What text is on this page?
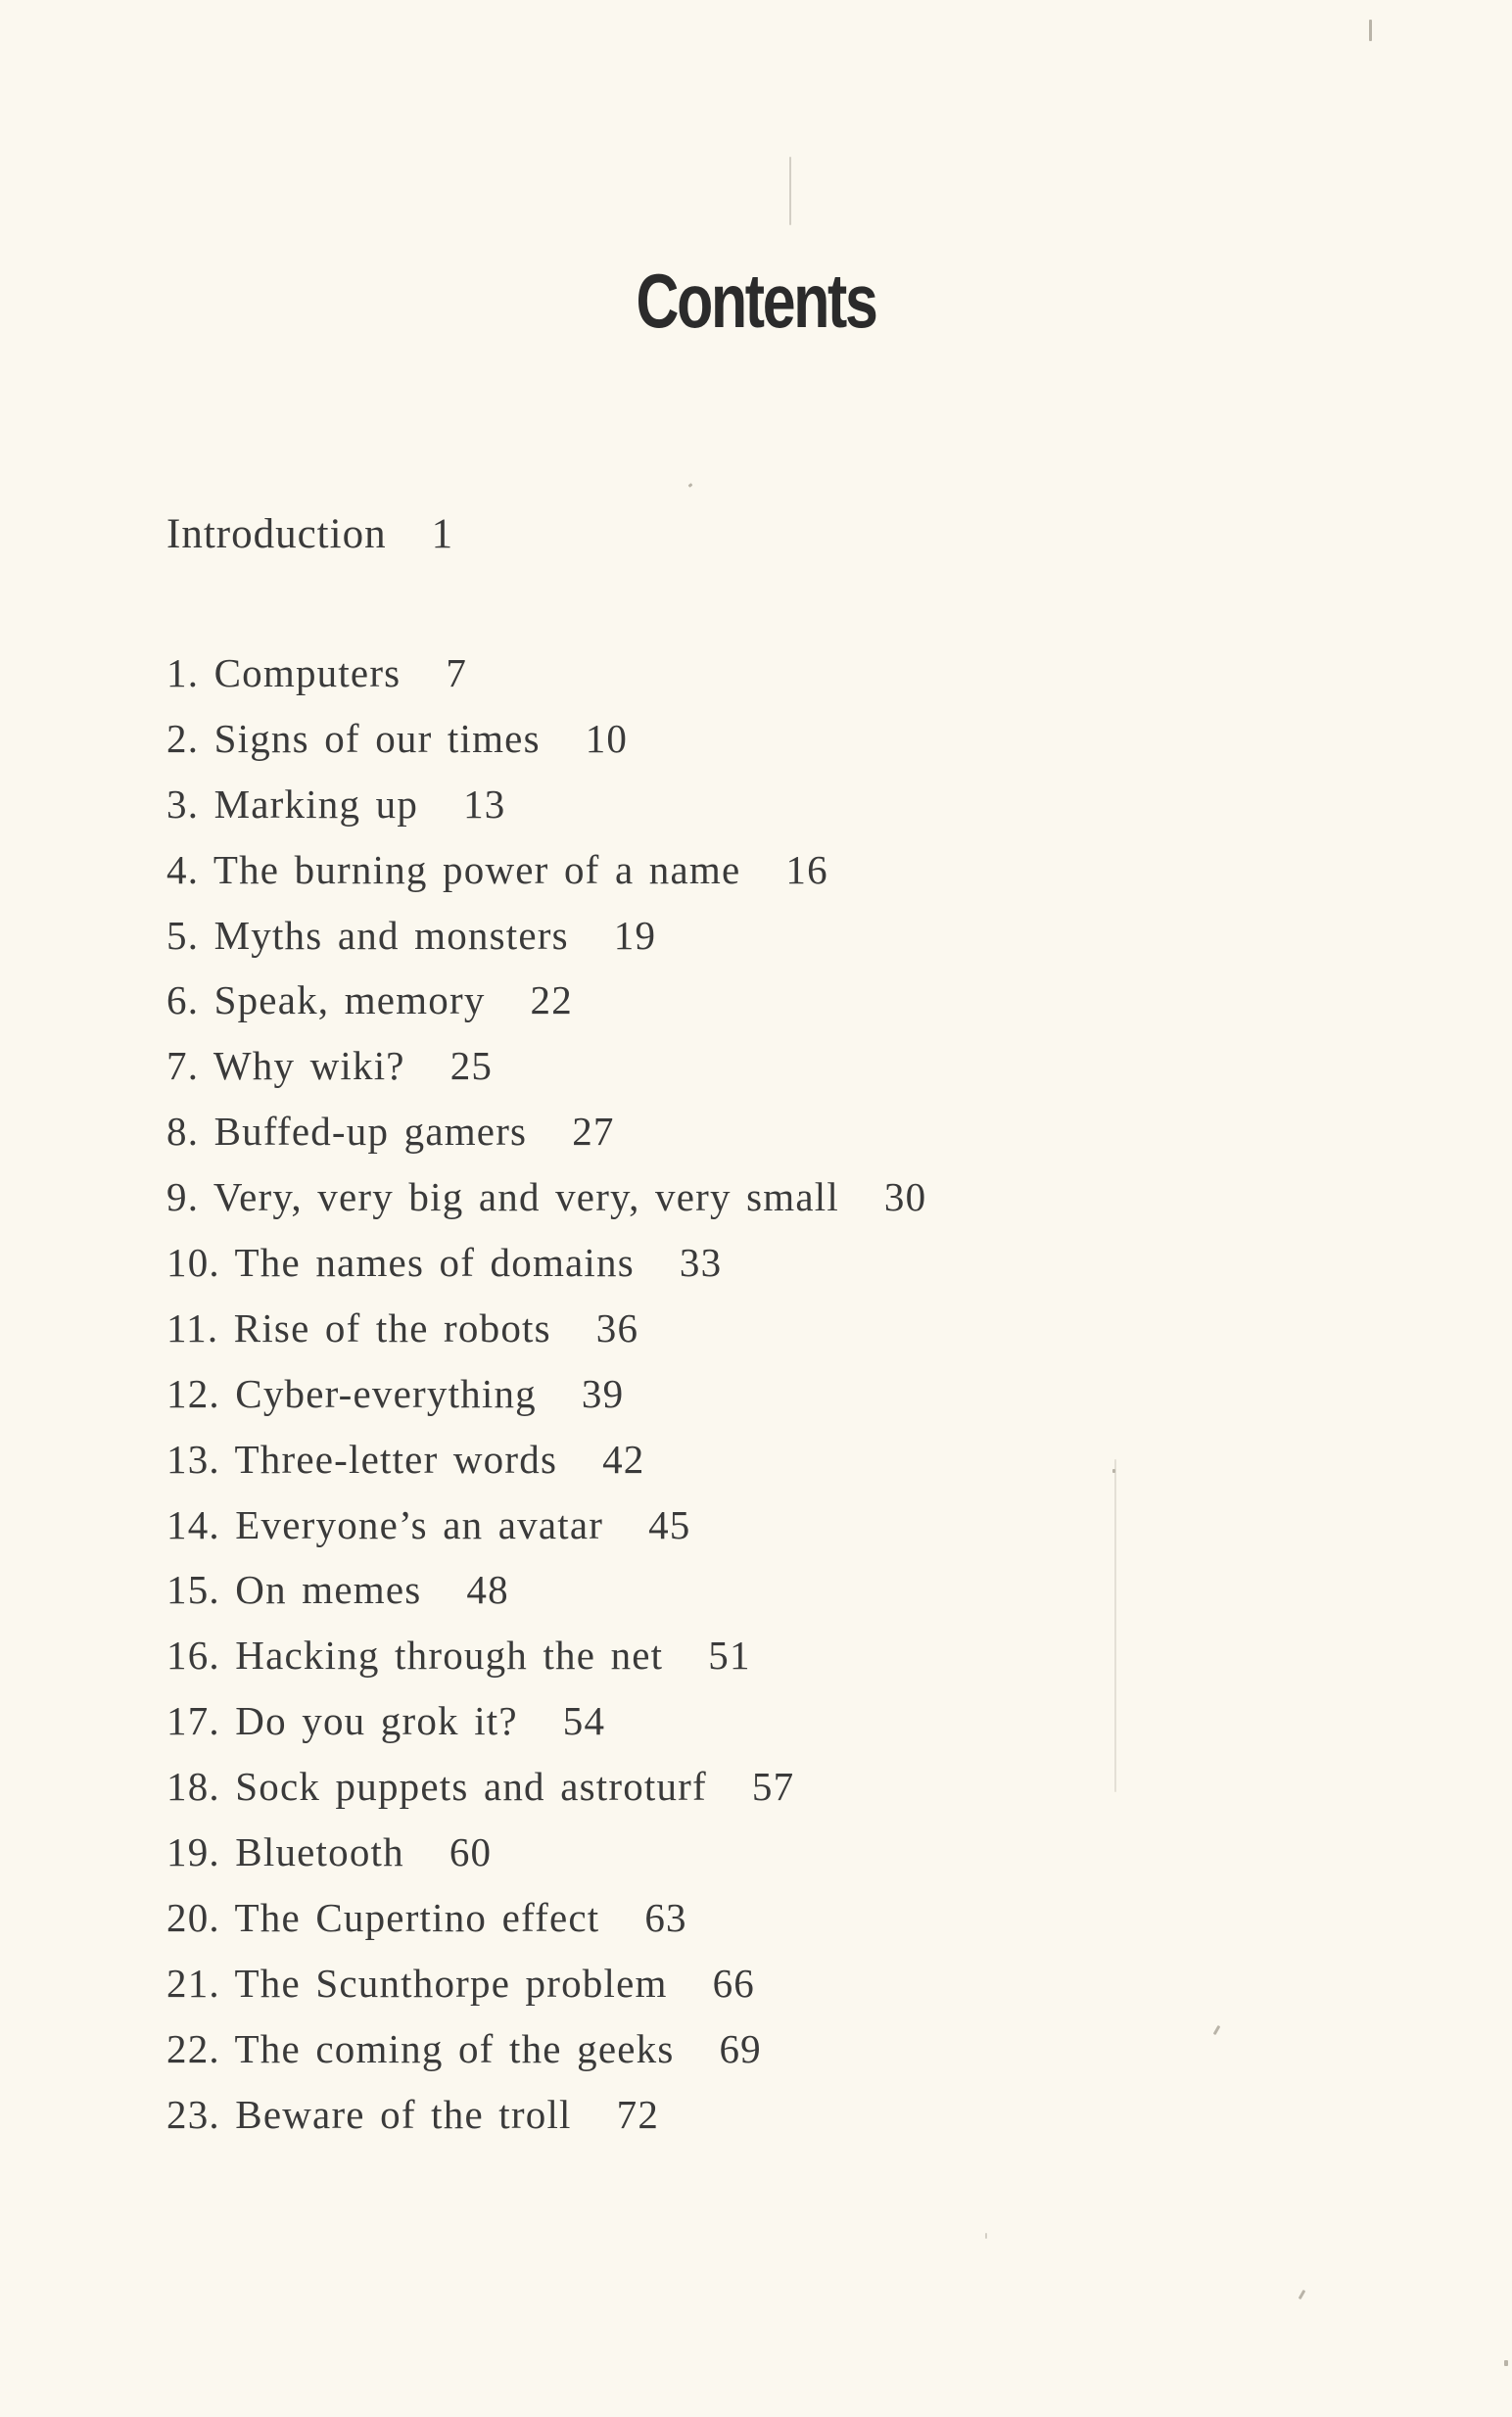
Contents
Introduction 1
1. Computers 7
2. Signs of our times 10
3. Marking up 13
4. The burning power of a name 16
5. Myths and monsters 19
6. Speak, memory 22
7. Why wiki? 25
8. Buffed-up gamers 27
9. Very, very big and very, very small 30
10. The names of domains 33
11. Rise of the robots 36
12. Cyber-everything 39
13. Three-letter words 42
14. Everyone’s an avatar 45
15. On memes 48
16. Hacking through the net 51
17. Do you grok it? 54
18. Sock puppets and astroturf 57
19. Bluetooth 60
20. The Cupertino effect 63
21. The Scunthorpe problem 66
22. The coming of the geeks 69
23. Beware of the troll 72
